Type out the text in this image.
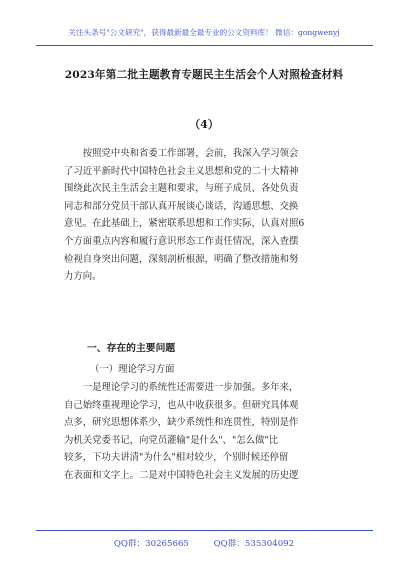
关注头条号"公文研究"，获得最新最全最专业的公文资料库！ 微信：gongwenyj
2023年第二批主题教育专题民主生活会个人对照检查材料
（4）
按照党中央和省委工作部署，会前，我深入学习领会
了习近平新时代中国特色社会主义思想和党的二十大精神
围绕此次民主生活会主题和要求，与班子成员、各处负责
同志和部分党员干部认真开展谈心谈话，沟通思想、交换
意见。在此基础上，紧密联系思想和工作实际，认真对照6
个方面重点内容和履行意识形态工作责任情况，深入查摆
检视自身突出问题，深刻剖析根源，明确了整改措施和努
力方向。
一、存在的主要问题
（一）理论学习方面
一是理论学习的系统性还需要进一步加强。多年来，
自己始终重视理论学习，也从中收获很多。但研究具体观
点多，研究思想体系少，缺少系统性和连贯性，特别是作
为机关党委书记，向党员灌输"是什么"、"怎么做"比
较多，下功夫讲清"为什么"相对较少，个别时候还停留
在表面和文字上。二是对中国特色社会主义发展的历史逻
QQ群：30265665	QQ群：535304092
